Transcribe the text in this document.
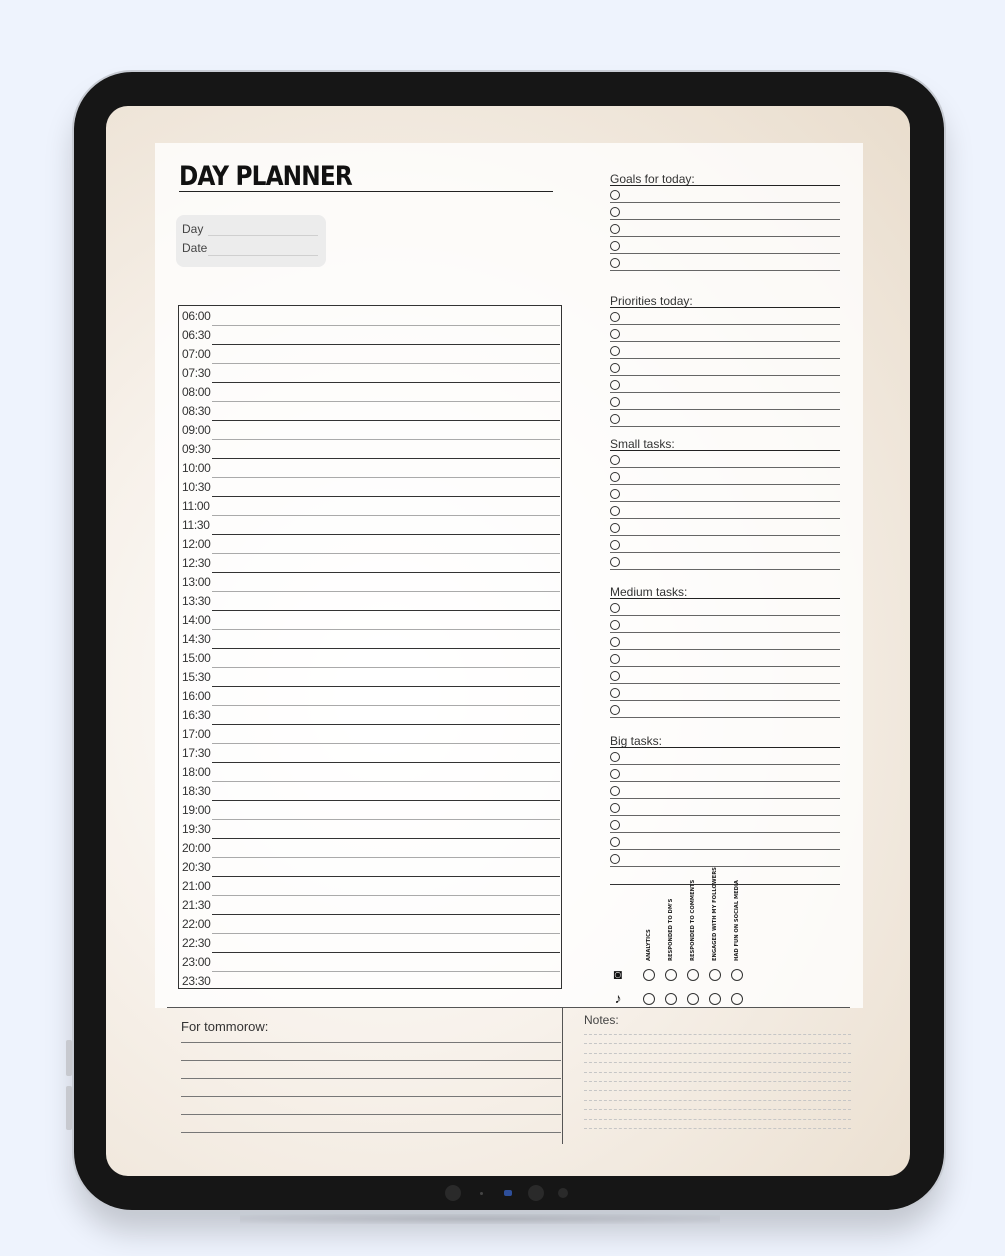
DAY PLANNER
Day
Date
06:00
06:30
07:00
07:30
08:00
08:30
09:00
09:30
10:00
10:30
11:00
11:30
12:00
12:30
13:00
13:30
14:00
14:30
15:00
15:30
16:00
16:30
17:00
17:30
18:00
18:30
19:00
19:30
20:00
20:30
21:00
21:30
22:00
22:30
23:00
23:30
Goals for today:
Priorities today:
Small tasks:
Medium tasks:
Big tasks:
ANALYTICS	RESPONDED TO DM'S	RESPONDED TO COMMENTS	ENGAGED WITH MY FOLLOWERS	HAD FUN ON SOCIAL MEDIA
◙
♪
For tommorow:	Notes:
